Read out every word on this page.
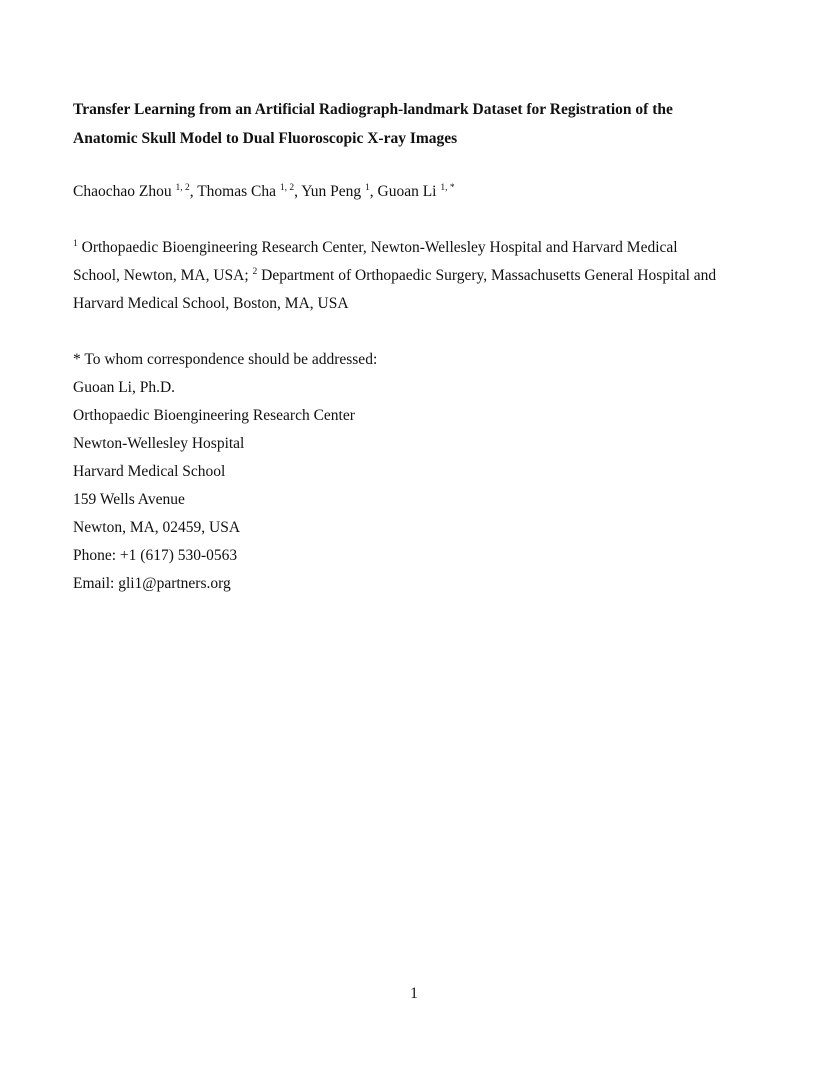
Transfer Learning from an Artificial Radiograph-landmark Dataset for Registration of the
Anatomic Skull Model to Dual Fluoroscopic X-ray Images

Chaochao Zhou $^{1, 2}$, Thomas Cha $^{1, 2}$, Yun Peng $^1$, Guoan Li $^{1, *}$

$^1$ Orthopaedic Bioengineering Research Center, Newton-Wellesley Hospital and Harvard Medical
School, Newton, MA, USA; $^2$ Department of Orthopaedic Surgery, Massachusetts General Hospital and
Harvard Medical School, Boston, MA, USA

* To whom correspondence should be addressed:
Guoan Li, Ph.D.
Orthopaedic Bioengineering Research Center
Newton-Wellesley Hospital
Harvard Medical School
159 Wells Avenue
Newton, MA, 02459, USA
Phone: +1 (617) 530-0563
Email: gli1@partners.org

1
